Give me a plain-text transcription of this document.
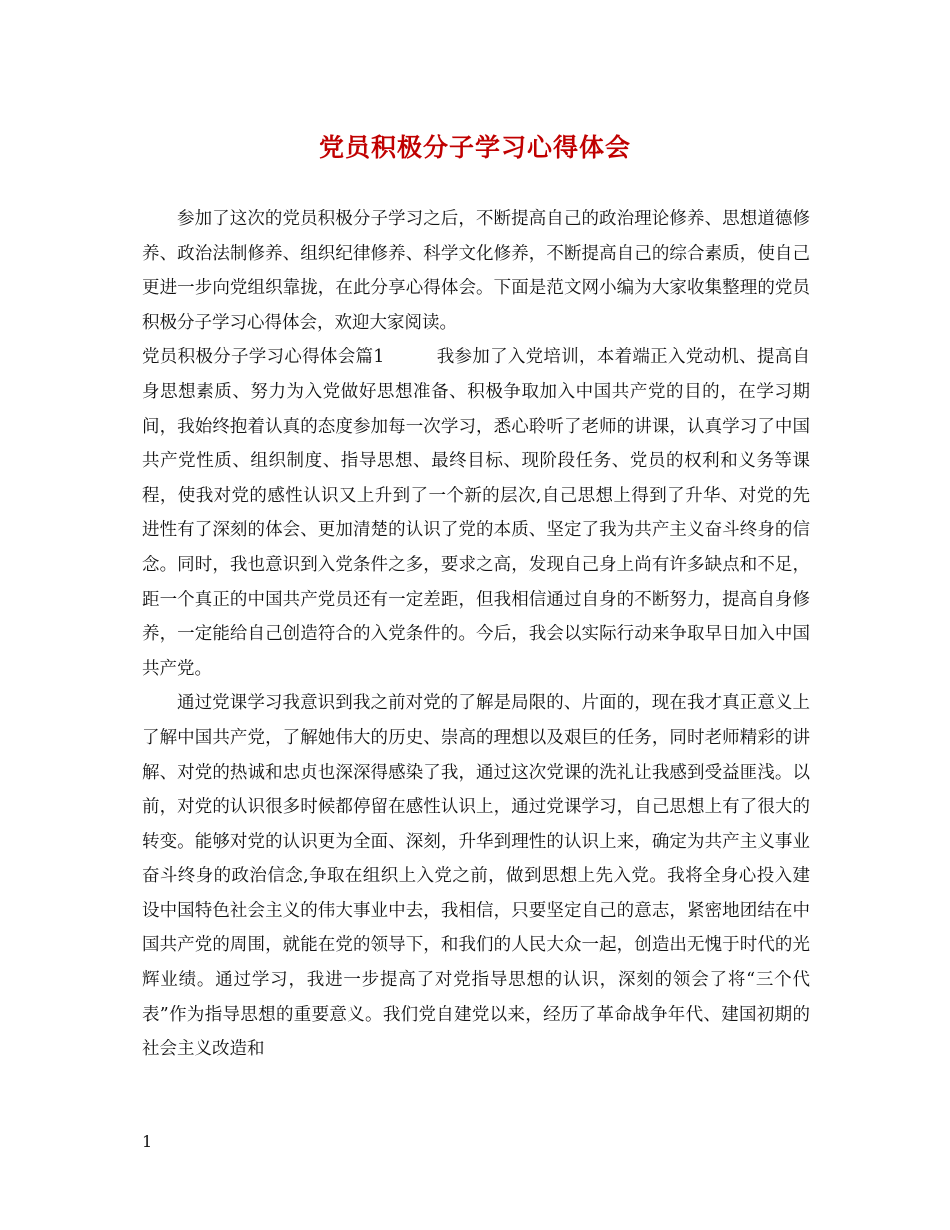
党员积极分子学习心得体会

参加了这次的党员积极分子学习之后，不断提高自己的政治理论修养、思想道德修养、政治法制修养、组织纪律修养、科学文化修养，不断提高自己的综合素质，使自己更进一步向党组织靠拢，在此分享心得体会。下面是范文网小编为大家收集整理的党员积极分子学习心得体会，欢迎大家阅读。

党员积极分子学习心得体会篇1	我参加了入党培训，本着端正入党动机、提高自身思想素质、努力为入党做好思想准备、积极争取加入中国共产党的目的，在学习期间，我始终抱着认真的态度参加每一次学习，悉心聆听了老师的讲课，认真学习了中国共产党性质、组织制度、指导思想、最终目标、现阶段任务、党员的权利和义务等课程，使我对党的感性认识又上升到了一个新的层次,自己思想上得到了升华、对党的先进性有了深刻的体会、更加清楚的认识了党的本质、坚定了我为共产主义奋斗终身的信念。同时，我也意识到入党条件之多，要求之高，发现自己身上尚有许多缺点和不足，距一个真正的中国共产党员还有一定差距，但我相信通过自身的不断努力，提高自身修养，一定能给自己创造符合的入党条件的。今后，我会以实际行动来争取早日加入中国共产党。

通过党课学习我意识到我之前对党的了解是局限的、片面的，现在我才真正意义上了解中国共产党，了解她伟大的历史、崇高的理想以及艰巨的任务，同时老师精彩的讲解、对党的热诚和忠贞也深深得感染了我，通过这次党课的洗礼让我感到受益匪浅。以前，对党的认识很多时候都停留在感性认识上，通过党课学习，自己思想上有了很大的转变。能够对党的认识更为全面、深刻，升华到理性的认识上来，确定为共产主义事业奋斗终身的政治信念,争取在组织上入党之前，做到思想上先入党。我将全身心投入建设中国特色社会主义的伟大事业中去，我相信，只要坚定自己的意志，紧密地团结在中国共产党的周围，就能在党的领导下，和我们的人民大众一起，创造出无愧于时代的光辉业绩。通过学习，我进一步提高了对党指导思想的认识，深刻的领会了将“三个代表”作为指导思想的重要意义。我们党自建党以来，经历了革命战争年代、建国初期的社会主义改造和

1
